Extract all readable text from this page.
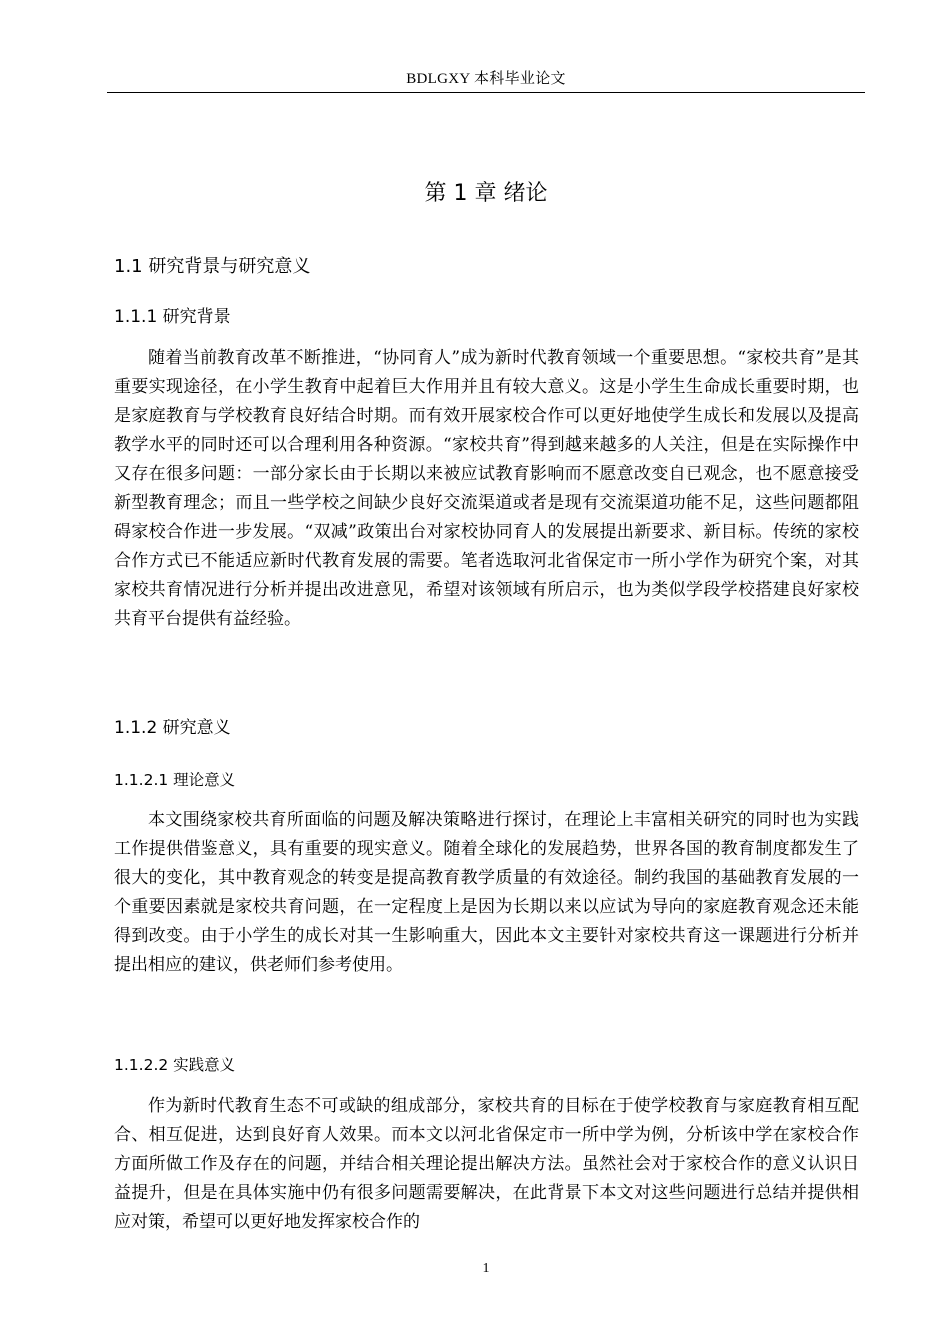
BDLGXY 本科毕业论文
第 1 章 绪论
1.1 研究背景与研究意义
1.1.1 研究背景

随着当前教育改革不断推进，“协同育人”成为新时代教育领域一个重要思想。“家校共育”是其重要实现途径，在小学生教育中起着巨大作用并且有较大意义。这是小学生生命成长重要时期，也是家庭教育与学校教育良好结合时期。而有效开展家校合作可以更好地使学生成长和发展以及提高教学水平的同时还可以合理利用各种资源。“家校共育”得到越来越多的人关注，但是在实际操作中又存在很多问题：一部分家长由于长期以来被应试教育影响而不愿意改变自已观念，也不愿意接受新型教育理念；而且一些学校之间缺少良好交流渠道或者是现有交流渠道功能不足，这些问题都阻碍家校合作进一步发展。“双减”政策出台对家校协同育人的发展提出新要求、新目标。传统的家校合作方式已不能适应新时代教育发展的需要。笔者选取河北省保定市一所小学作为研究个案，对其家校共育情况进行分析并提出改进意见，希望对该领域有所启示，也为类似学段学校搭建良好家校共育平台提供有益经验。

1.1.2 研究意义
1.1.2.1 理论意义

本文围绕家校共育所面临的问题及解决策略进行探讨，在理论上丰富相关研究的同时也为实践工作提供借鉴意义，具有重要的现实意义。随着全球化的发展趋势，世界各国的教育制度都发生了很大的变化，其中教育观念的转变是提高教育教学质量的有效途径。制约我国的基础教育发展的一个重要因素就是家校共育问题，在一定程度上是因为长期以来以应试为导向的家庭教育观念还未能得到改变。由于小学生的成长对其一生影响重大，因此本文主要针对家校共育这一课题进行分析并提出相应的建议，供老师们参考使用。

1.1.2.2 实践意义

作为新时代教育生态不可或缺的组成部分，家校共育的目标在于使学校教育与家庭教育相互配合、相互促进，达到良好育人效果。而本文以河北省保定市一所中学为例，分析该中学在家校合作方面所做工作及存在的问题，并结合相关理论提出解决方法。虽然社会对于家校合作的意义认识日益提升，但是在具体实施中仍有很多问题需要解决，在此背景下本文对这些问题进行总结并提供相应对策，希望可以更好地发挥家校合作的

1
